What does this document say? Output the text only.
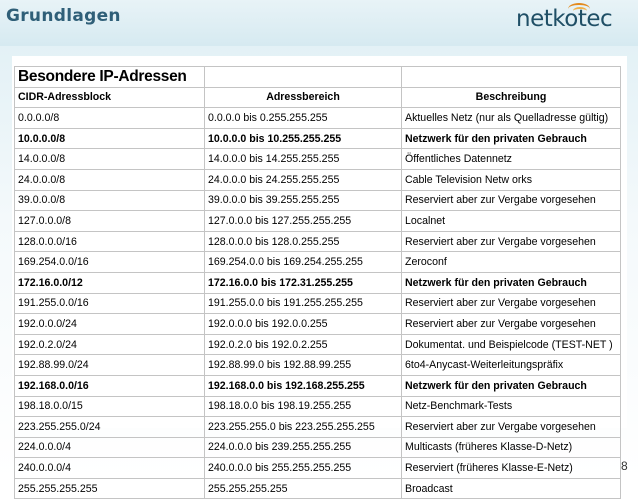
Grundlagen	netkotec
Besondere IP-Adressen		
CIDR-Adressblock	Adressbereich	Beschreibung
0.0.0.0/8	0.0.0.0 bis 0.255.255.255	Aktuelles Netz (nur als Quelladresse gültig)
10.0.0.0/8	10.0.0.0 bis 10.255.255.255	Netzwerk für den privaten Gebrauch
14.0.0.0/8	14.0.0.0 bis 14.255.255.255	Öffentliches Datennetz
24.0.0.0/8	24.0.0.0 bis 24.255.255.255	Cable Television Netw orks
39.0.0.0/8	39.0.0.0 bis 39.255.255.255	Reserviert aber zur Vergabe vorgesehen
127.0.0.0/8	127.0.0.0 bis 127.255.255.255	Localnet
128.0.0.0/16	128.0.0.0 bis 128.0.255.255	Reserviert aber zur Vergabe vorgesehen
169.254.0.0/16	169.254.0.0 bis 169.254.255.255	Zeroconf
172.16.0.0/12	172.16.0.0 bis 172.31.255.255	Netzwerk für den privaten Gebrauch
191.255.0.0/16	191.255.0.0 bis 191.255.255.255	Reserviert aber zur Vergabe vorgesehen
192.0.0.0/24	192.0.0.0 bis 192.0.0.255	Reserviert aber zur Vergabe vorgesehen
192.0.2.0/24	192.0.2.0 bis 192.0.2.255	Dokumentat. und Beispielcode (TEST-NET )
192.88.99.0/24	192.88.99.0 bis 192.88.99.255	6to4-Anycast-Weiterleitungspräfix
192.168.0.0/16	192.168.0.0 bis 192.168.255.255	Netzwerk für den privaten Gebrauch
198.18.0.0/15	198.18.0.0 bis 198.19.255.255	Netz-Benchmark-Tests
223.255.255.0/24	223.255.255.0 bis 223.255.255.255	Reserviert aber zur Vergabe vorgesehen
224.0.0.0/4	224.0.0.0 bis 239.255.255.255	Multicasts (früheres Klasse-D-Netz)
240.0.0.0/4	240.0.0.0 bis 255.255.255.255	Reserviert (früheres Klasse-E-Netz)
255.255.255.255	255.255.255.255	Broadcast
8
